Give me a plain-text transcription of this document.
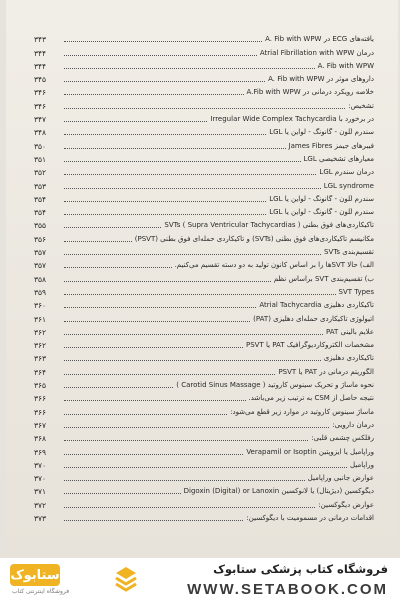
یافته‌های ECG در A. Fib with WPW
۳۴۳
درمان Atrial Fibrillation with WPW
۳۴۴
A. Fib with WPW
۳۴۴
داروهای موثر در A. Fib with WPW
۳۴۵
خلاصه رویکرد درمانی در A.Fib with WPW
۳۴۶
تشخیص:
۳۴۶
در برخورد با Irregular Wide Complex Tachycardia
۳۴۷
سندرم لُلون - گانونگ - لواین یا LGL
۳۴۸
فیبرهای جیمز James Fibres
۳۵۰
معیارهای تشخیصی LGL
۳۵۱
درمان سندرم LGL
۳۵۲
LGL syndrome
۳۵۳
سندرم لُلون - گانونگ - لواین یا LGL
۳۵۴
سندرم لُلون - گانونگ - لواین یا LGL
۳۵۴
تاکیکاردی‌های فوق بطنی SVTs ( Supra Ventricular Tachycardias )
۳۵۵
مکانیسم تاکیکاردی‌های فوق بطنی (SVTs) و تاکیکاردی حمله‌ای فوق بطنی (PSVT)
۳۵۶
تقسیم‌بندی SVTs
۳۵۷
الف) حالا SVTها را بر اساس کانون تولید به دو دسته تقسیم می‌کنیم.
۳۵۷
ب) تقسیم‌بندی SVT براساس نظم
۳۵۸
SVT Types
۳۵۹
تاکیکاردی دهلیزی Atrial Tachycardia
۳۶۰
اتیولوژی تاکیکاردی حمله‌ای دهلیزی (PAT)
۳۶۱
علایم بالینی PAT
۳۶۲
مشخصات الکتروکاردیوگرافیک PAT یا PSVT
۳۶۲
تاکیکاردی دهلیزی
۳۶۳
الگوریتم درمانی در PAT یا PSVT
۳۶۴
نحوه ماساژ و تحریک سینوس کاروتید ( Carotid Sinus Massage )
۳۶۵
نتیجه حاصل از CSM به ترتیب زیر می‌باشد.
۳۶۶
ماساژ سینوس کاروتید در موارد زیر قطع می‌شود:
۳۶۶
درمان دارویی:
۳۶۷
رفلکس چشمی قلبی:
۳۶۸
وراپامیل یا ایزوپتین Verapamil or Isoptin
۳۶۹
وراپامیل
۳۷۰
عوارض جانبی وراپامیل
۳۷۰
دیگوکسین (دیژیتال) یا لانوکسین Digoxin (Digital) or Lanoxin
۳۷۱
عوارض دیگوکسین:
۳۷۲
اقدامات درمانی در مسمومیت با دیگوکسین:
۳۷۳
ستابوک
فروشگاه اینترنتی کتاب
فروشگاه کتاب پزشکی ستابوک
WWW.SETABOOK.COM
